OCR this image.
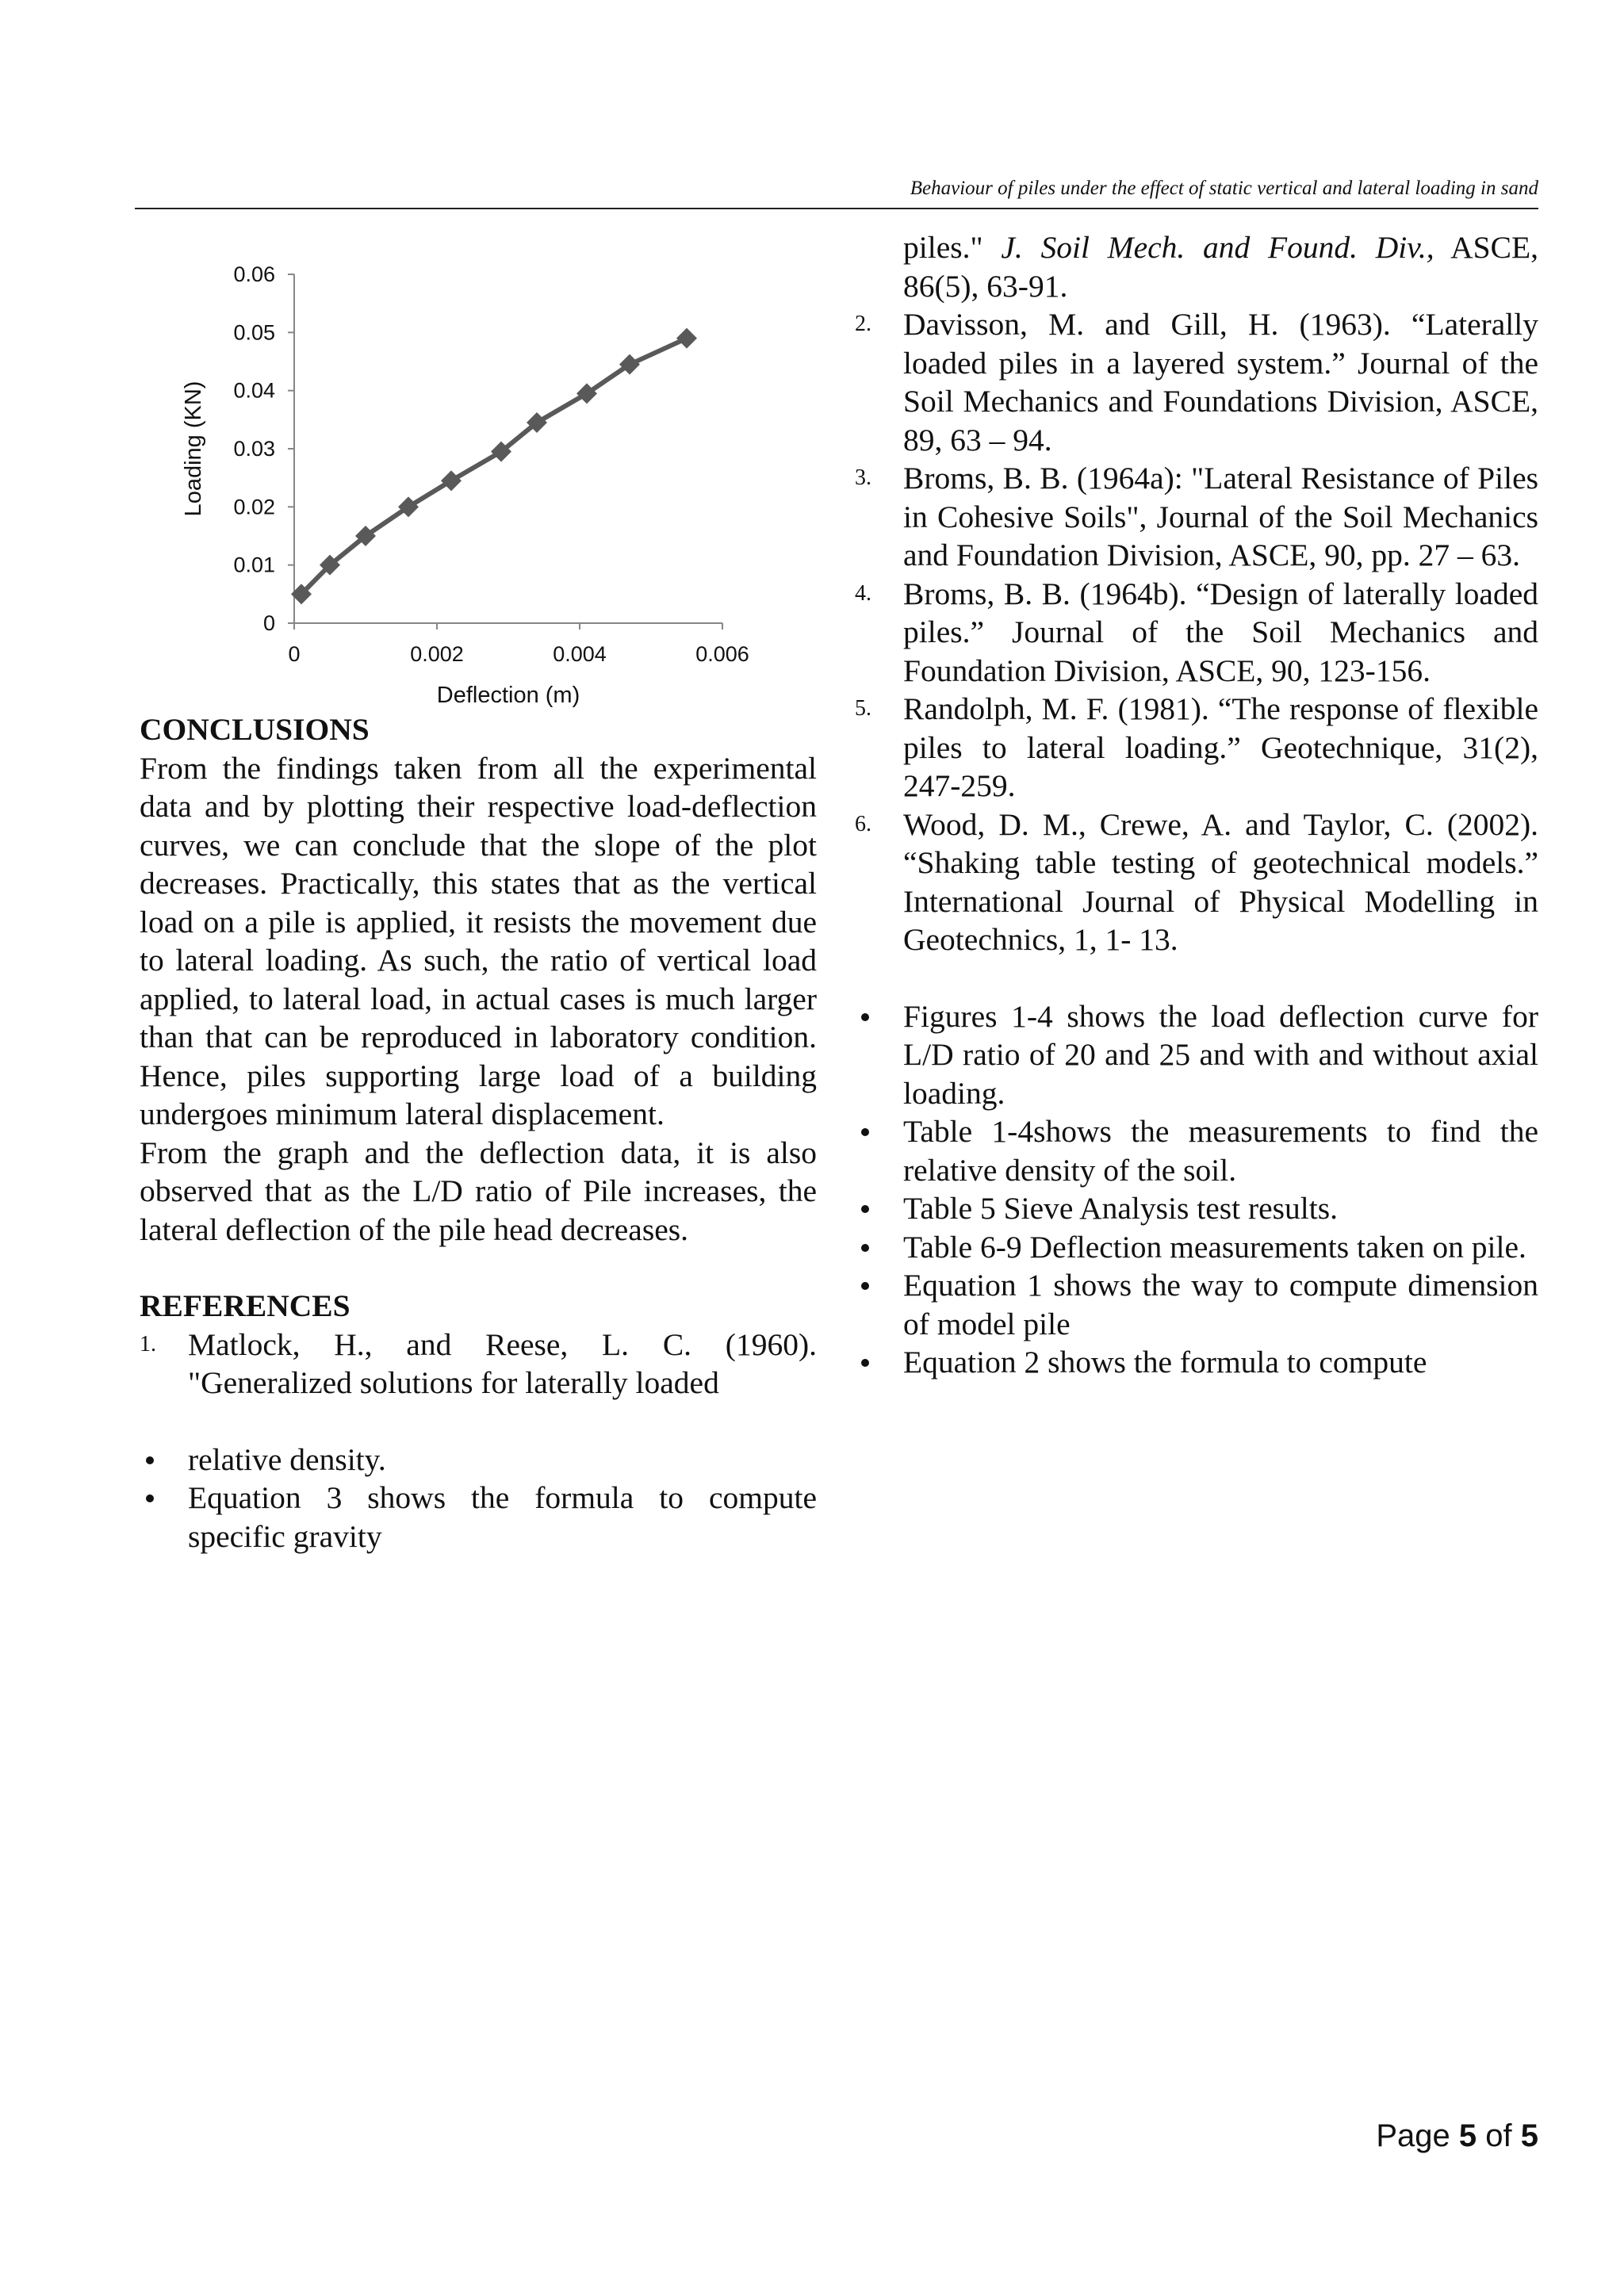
Behaviour of piles under the effect of static vertical and lateral loading in sand
0
0.01
0.02
0.03
0.04
0.05
0.06
0	0.002	0.004	0.006
Deflection (m)
Loading (KN)
CONCLUSIONS
From the findings taken from all the experimental data and by plotting their respective load-deflection curves, we can conclude that the slope of the plot decreases. Practically, this states that as the vertical load on a pile is applied, it resists the movement due to lateral loading. As such, the ratio of vertical load applied, to lateral load, in actual cases is much larger than that can be reproduced in laboratory condition. Hence, piles supporting large load of a building undergoes minimum lateral displacement.
From the graph and the deflection data, it is also observed that as the L/D ratio of Pile increases, the lateral deflection of the pile head decreases.
REFERENCES
1.	Matlock, H., and Reese, L. C. (1960). "Generalized solutions for laterally loaded
relative density.
Equation 3 shows the formula to compute specific gravity
piles." J. Soil Mech. and Found. Div., ASCE, 86(5), 63-91.
2.	Davisson, M. and Gill, H. (1963). “Laterally loaded piles in a layered system.” Journal of the Soil Mechanics and Foundations Division, ASCE, 89, 63 – 94.
3.	Broms, B. B. (1964a): "Lateral Resistance of Piles in Cohesive Soils", Journal of the Soil Mechanics and Foundation Division, ASCE, 90, pp. 27 – 63.
4.	Broms, B. B. (1964b). “Design of laterally loaded piles.” Journal of the Soil Mechanics and Foundation Division, ASCE, 90, 123-156.
5.	Randolph, M. F. (1981). “The response of flexible piles to lateral loading.” Geotechnique, 31(2), 247-259.
6.	Wood, D. M., Crewe, A. and Taylor, C. (2002). “Shaking table testing of geotechnical models.” International Journal of Physical Modelling in Geotechnics, 1, 1- 13.
Figures 1-4 shows the load deflection curve for L/D ratio of 20 and 25 and with and without axial loading.
Table 1-4shows the measurements to find the relative density of the soil.
Table 5 Sieve Analysis test results.
Table 6-9 Deflection measurements taken on pile.
Equation 1 shows the way to compute dimension of model pile
Equation 2 shows the formula to compute
Page 5 of 5
